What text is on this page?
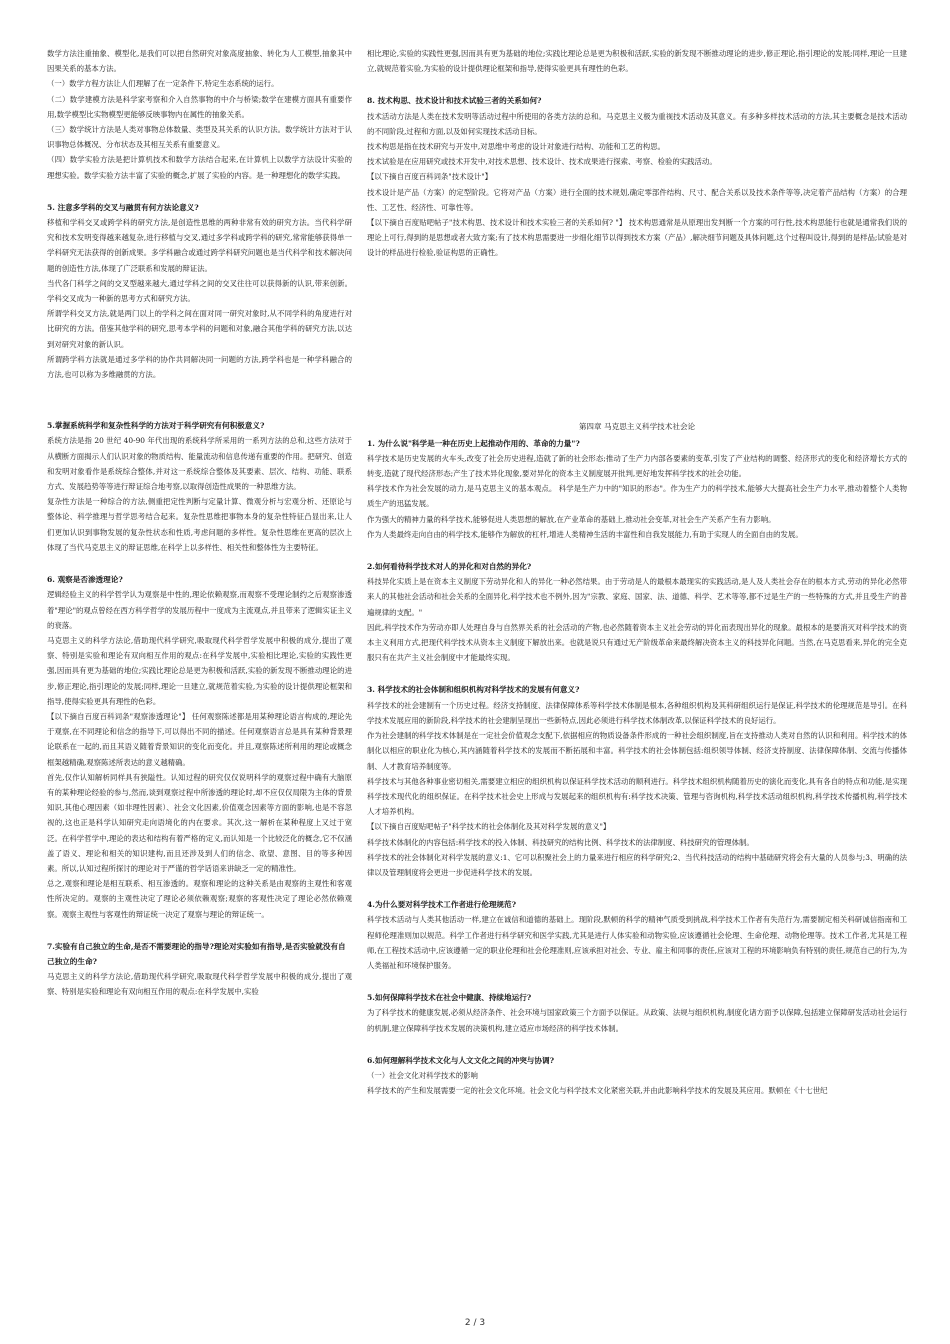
数学方法注重抽象、模型化,是我们可以把自然研究对象高度抽象、转化为人工模型,抽象其中因果关系的基本方法。

（一）数学方程方法让人们理解了在一定条件下,特定生态系统的运行。

（二）数学建模方法是科学家考察和介入自然事物的中介与桥梁;数学在建模方面具有重要作用,数学模型比实物模型更能够反映事物内在属性的抽象关系。

（三）数学统计方法是人类对事物总体数量、类型及其关系的认识方法。数学统计方法对于认识事物总体概况、分布状态及其相互关系有重要意义。

（四）数学实验方法是把计算机技术和数学方法结合起来,在计算机上以数学方法设计实验的理想实验。数学实验方法丰富了实验的概念,扩展了实验的内容。是一种理想化的数学实践。

5. 注意多学科的交叉与融贯有何方法论意义?

移植和学科交叉或跨学科的研究方法,是创造性思维的两种非常有效的研究方法。当代科学研究和技术发明变得越来越复杂,进行移植与交叉,通过多学科或跨学科的研究,常常能够获得单一学科研究无法获得的创新成果。多学科融合或通过跨学科研究问题也是当代科学和技术解决问题的创造性方法,体现了广泛联系和发展的辩证法。

当代各门科学之间的交叉型越来越大,通过学科之间的交叉往往可以获得新的认识,带来创新。学科交叉成为一种新的思考方式和研究方法。

所谓学科交叉方法,就是两门以上的学科之间在面对同一研究对象时,从不同学科的角度进行对比研究的方法。借鉴其他学科的研究,思考本学科的问题和对象,融合其他学科的研究方法,以达到对研究对象的新认识。

所谓跨学科方法就是通过多学科的协作共同解决同一问题的方法,跨学科也是一种学科融合的方法,也可以称为多维融贯的方法。

5.掌握系统科学和复杂性科学的方法对于科学研究有何积极意义?

系统方法是指 20 世纪 40-90 年代出现的系统科学所采用的一系列方法的总和,这些方法对于从横断方面揭示人们认识对象的物质结构、能量流动和信息传递有重要的作用。把研究、创造和发明对象看作是系统综合整体,并对这一系统综合整体及其要素、层次、结构、功能、联系方式、发展趋势等等进行辩证综合地考察,以取得创造性成果的一种思维方法。

复杂性方法是一种综合的方法,侧重把定性判断与定量计算、微观分析与宏观分析、还原论与整体论、科学推理与哲学思考结合起来。复杂性思维把事物本身的复杂性特征凸显出来,让人们更加认识到事物发展的复杂性状态和性质,考虑问题的多样性。复杂性思维在更高的层次上体现了当代马克思主义的辩证思维,在科学上以多样性、相关性和整体性为主要特征。

6. 观察是否渗透理论?

逻辑经验主义的科学哲学认为观察是中性的,理论依赖观察,而观察不受理论制约之后观察渗透着"理论"的观点曾经在西方科学哲学的发展历程中一度成为主流观点,并且带来了逻辑实证主义的衰落。

马克思主义的科学方法论,借助现代科学研究,吸取现代科学哲学发展中积极的成分,提出了观察、特别是实验和理论有双向相互作用的观点:在科学发展中,实验相比理论,实验的实践性更强,因而具有更为基础的地位;实践比理论总是更为积极和活跃,实验的新发现不断推动理论的进步,修正理论,指引理论的发展;同样,理论一旦建立,就规范着实验,为实验的设计提供理论框架和指导,使得实验更具有理性的色彩。

【以下摘自百度百科词条"观察渗透理论"】 任何观察陈述都是用某种理论语言构成的,理论先于观察,在不同理论和信念的指导下,可以得出不同的描述。任何观察语言总是具有某种背景理论联系在一起的,而且其语义随着背景知识的变化而变化。并且,观察陈述所利用的理论或概念框架越精确,观察陈述所表达的意义越精确。

首先,仅作认知解析同样具有狭隘性。认知过程的研究仅仅说明科学的观察过程中确有大脑原有的某种理论经验的参与,然而,谈到观察过程中所渗透的理论时,却不应仅仅局限为主体的背景知识,其他心理因素（如非理性因素）、社会文化因素,价值观念因素等方面的影响,也是不容忽视的,这也正是科学认知研究走向语境化的内在要求。其次,这一解析在某种程度上又过于宽泛。在科学哲学中,理论的表达和结构有着严格的定义,而认知是一个比较泛化的概念,它不仅涵盖了语义、理论和相关的知识建构,而且还涉及到人们的信念、欲望、意图、目的等多种因素。所以,认知过程所探讨的理论对于严谨的哲学话语来讲缺乏一定的精准性。

总之,观察和理论是相互联系、相互渗透的。观察和理论的这种关系是由观察的主观性和客观性所决定的。观察的主观性决定了理论必须依赖观察;观察的客观性决定了理论必然依赖观察。观察主观性与客观性的辩证统一决定了观察与理论的辩证统一。

7.实验有自己独立的生命,是否不需要理论的指导?理论对实验如有指导,是否实验就没有自己独立的生命?

马克思主义的科学方法论,借助现代科学研究,吸取现代科学哲学发展中积极的成分,提出了观察、特别是实验和理论有双向相互作用的观点:在科学发展中,实验

相比理论,实验的实践性更强,因而具有更为基础的地位;实践比理论总是更为积极和活跃,实验的新发现不断推动理论的进步,修正理论,指引理论的发展;同样,理论一旦建立,就规范着实验,为实验的设计提供理论框架和指导,使得实验更具有理性的色彩。

8. 技术构思、技术设计和技术试验三者的关系如何?

技术活动方法是人类在技术发明等活动过程中所使用的各类方法的总和。马克思主义极为重视技术活动及其意义。有多种多样技术活动的方法,其主要概念是技术活动的不同阶段,过程和方面,以及如何实现技术活动目标。

技术构思是指在技术研究与开发中,对思维中考虑的设计对象进行结构、功能和工艺的构思。

技术试验是在应用研究或技术开发中,对技术思想、技术设计、技术成果进行探索、考察、检验的实践活动。

【以下摘自百度百科词条"技术设计"】

技术设计是产品（方案）的定型阶段。它将对产品（方案）进行全面的技术规划,确定零部件结构、尺寸、配合关系以及技术条件等等,决定着产品结构（方案）的合理性、工艺性、经济性、可靠性等。

【以下摘自百度贴吧帖子"技术构思、技术设计和技术实验三者的关系如何? "】 技术构思通常是从原理出发判断一个方案的可行性,技术构思能行也就是通常我们说的理论上可行,得到的是思想或者大致方案;有了技术构思需要进一步细化细节以得到技术方案（产品）,解决细节问题及具体问题,这个过程叫设计,得到的是样品;试验是对设计的样品进行检验,验证构思的正确性。

第四章 马克思主义科学技术社会论
1. 为什么说"科学是一种在历史上起推动作用的、革命的力量"?

科学技术是历史发展的火车头,改变了社会历史进程,造就了新的社会形态;推动了生产力内部各要素的变革,引发了产业结构的调整、经济形式的变化和经济增长方式的转变,造就了现代经济形态;产生了技术异化现象,要对异化的资本主义制度展开批判,更好地发挥科学技术的社会功能。

科学技术作为社会发展的动力,是马克思主义的基本观点。 科学是生产力中的"知识的形态"。作为生产力的科学技术,能够大大提高社会生产力水平,推动着整个人类物质生产的迅猛发展。

作为强大的精神力量的科学技术,能够促进人类思想的解放,在产业革命的基础上,推动社会变革,对社会生产关系产生有力影响。

作为人类最终走向自由的科学技术,能够作为解放的杠杆,增进人类精神生活的丰富性和自我发展能力,有助于实现人的全面自由的发展。

2.如何看待科学技术对人的异化和对自然的异化?

科技异化实质上是在资本主义制度下劳动异化和人的异化一种必然结果。由于劳动是人的最根本最现实的实践活动,是人及人类社会存在的根本方式,劳动的异化必然带来人的其他社会活动和社会关系的全面异化,科学技术也不例外,因为"宗教、家庭、国家、法、道德、科学、艺术等等,都不过是生产的一些特殊的方式,并且受生产的普遍规律的支配。"

因此,科学技术作为劳动亦即人处理自身与自然界关系的社会活动的产物,也必然随着资本主义社会劳动的异化而表现出异化的现象。最根本的是要消灭对科学技术的资本主义利用方式,把现代科学技术从资本主义制度下解放出来。也就是说只有通过无产阶级革命来最终解决资本主义的科技异化问题。当然,在马克思看来,异化的完全克服只有在共产主义社会制度中才能最终实现。

3. 科学技术的社会体制和组织机构对科学技术的发展有何意义?

科学技术的社会建制有一个历史过程。经济支持制度、法律保障体系等科学技术体制是根本,各种组织机构及其科研组织运行是保证,科学技术的伦理规范是导引。在科学技术发展应用的新阶段,科学技术的社会建制呈现出一些新特点,因此必须进行科学技术体制改革,以保证科学技术的良好运行。

作为社会建制的科学技术体制是在一定社会价值观念支配下,依据相应的物质设备条件形成的一种社会组织制度,旨在支持推动人类对自然的认识和利用。科学技术的体制化以相应的职业化为核心,其内涵随着科学技术的发展而不断拓展和丰富。科学技术的社会体制包括:组织领导体制、经济支持制度、法律保障体制、交流与传播体制、人才教育培养制度等。

科学技术与其他各种事业密切相关,需要建立相应的组织机构以保证科学技术活动的顺利进行。科学技术组织机构随着历史的演化而变化,具有各自的特点和功能,是实现科学技术现代化的组织保证。在科学技术社会史上形成与发展起来的组织机构有:科学技术决策、管理与咨询机构,科学技术活动组织机构,科学技术传播机构,科学技术人才培养机构。

【以下摘自百度贴吧帖子"科学技术的社会体制化及其对科学发展的意义"】

科学技术体制化的内容包括:科学技术的投入体制、科技研究的结构比例、科学技术的法律制度、科技研究的管理体制。

科学技术的社会体制化对科学发展的意义:1、它可以积聚社会上的力量来进行相应的科学研究;2、当代科技活动的结构中基础研究将会有大量的人员参与;3、明确的法律以及管理制度将会更进一步促进科学技术的发展。

4.为什么要对科学技术工作者进行伦理规范?

科学技术活动与人类其他活动一样,建立在诚信和道德的基础上。现阶段,默顿的科学的精神气质受到挑战,科学技术工作者有失范行为,需要制定相关科研诚信指南和工程师伦理准则加以规范。科学工作者进行科学研究和医学实践,尤其是进行人体实验和动物实验,应该遵循社会伦理、生命伦理、动物伦理等。技术工作者,尤其是工程师,在工程技术活动中,应该遵循一定的职业伦理和社会伦理准则,应该承担对社会、专业、雇主和同事的责任,应该对工程的环境影响负有特别的责任,规范自己的行为,为人类福祉和环境保护服务。

5.如何保障科学技术在社会中健康、持续地运行?

为了科学技术的健康发展,必须从经济条件、社会环境与国家政策三个方面予以保证。从政策、法规与组织机构,制度化诸方面予以保障,包括建立保障研发活动社会运行的机制,建立保障科学技术发展的决策机构,建立适应市场经济的科学技术体制。

6.如何理解科学技术文化与人文文化之间的冲突与协调?

（一）社会文化对科学技术的影响

科学技术的产生和发展需要一定的社会文化环境。社会文化与科学技术文化紧密关联,并由此影响科学技术的发展及其应用。默顿在《十七世纪

2 / 3
